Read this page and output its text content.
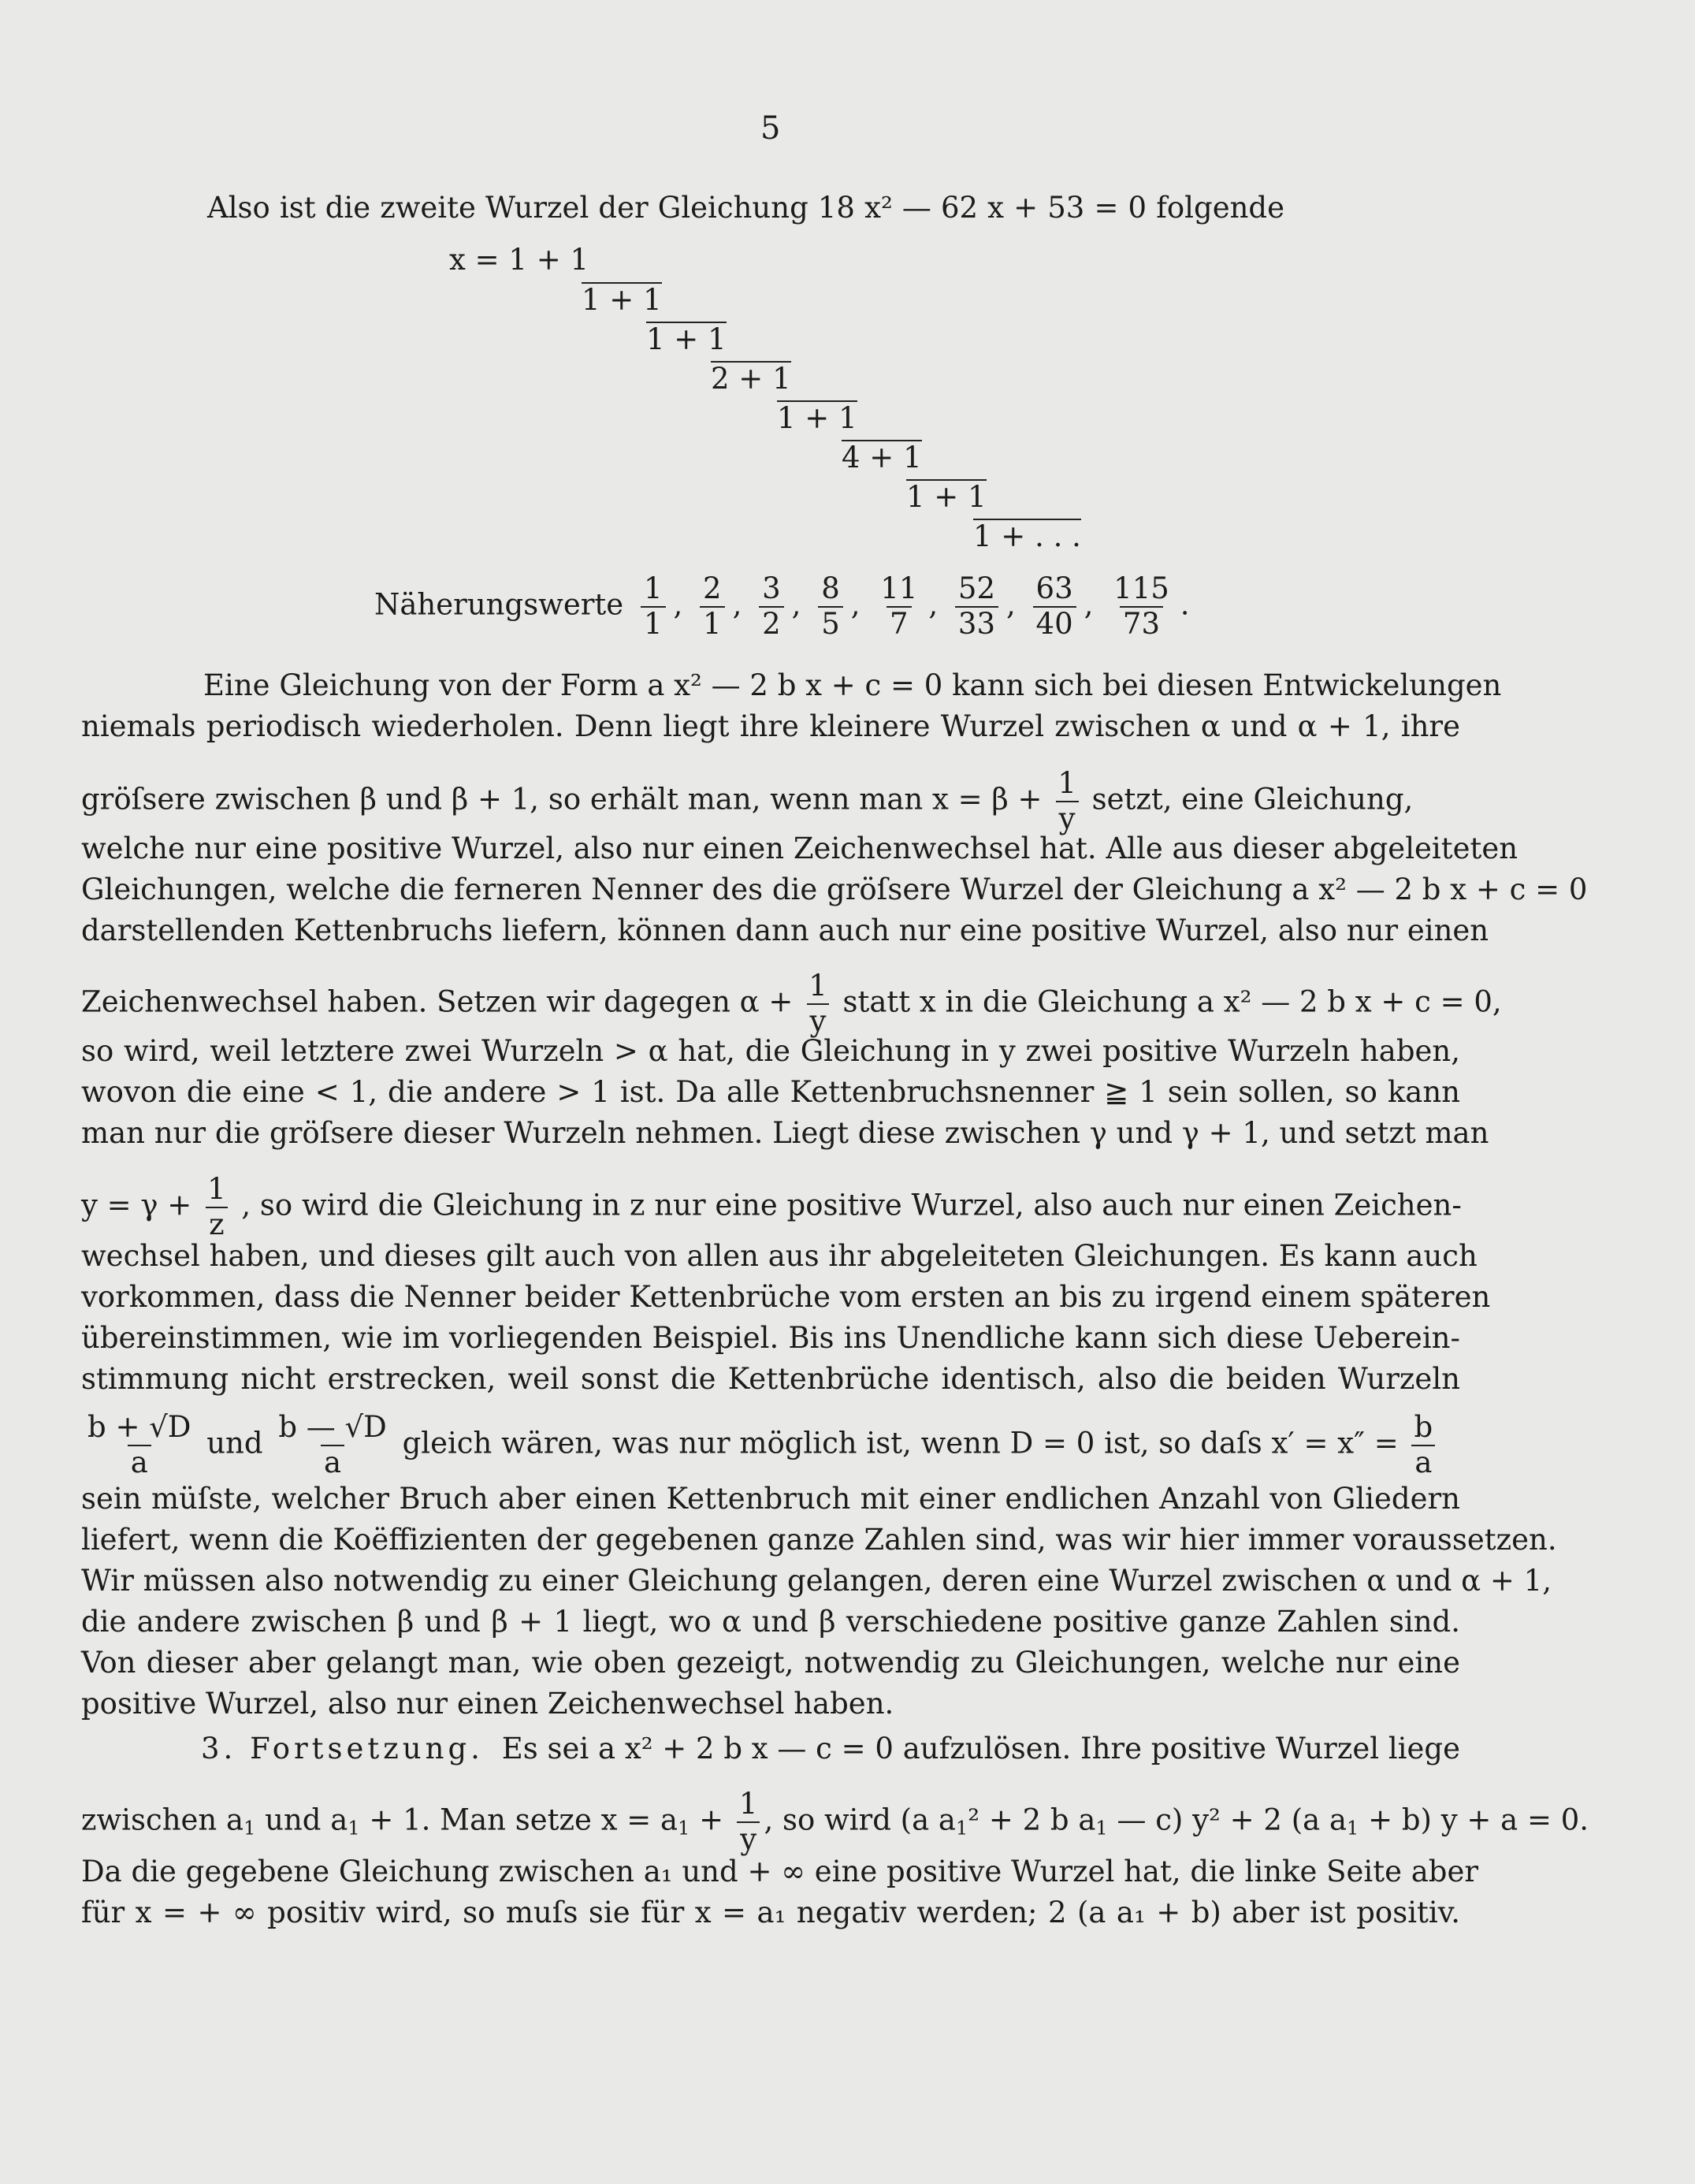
5
Also ist die zweite Wurzel der Gleichung 18 x² — 62 x + 53 = 0 folgende
x = 1 + 1
1 + 1
1 + 1
2 + 1
1 + 1
4 + 1
1 + 1
1 + . . .
Näherungswerte $\frac{1}{1}$ , $\frac{2}{1}$ , $\frac{3}{2}$ , $\frac{8}{5}$ , $\frac{11}{7}$ , $\frac{52}{33}$ , $\frac{63}{40}$ , $\frac{115}{73}$ .
Eine Gleichung von der Form a x² — 2 b x + c = 0 kann sich bei diesen Entwickelungen
niemals periodisch wiederholen. Denn liegt ihre kleinere Wurzel zwischen α und α + 1, ihre
gröſsere zwischen β und β + 1, so erhält man, wenn man $x = \beta + \frac{1}{y}$ setzt, eine Gleichung,
welche nur eine positive Wurzel, also nur einen Zeichenwechsel hat. Alle aus dieser abgeleiteten
Gleichungen, welche die ferneren Nenner des die gröſsere Wurzel der Gleichung a x² — 2 b x + c = 0
darstellenden Kettenbruchs liefern, können dann auch nur eine positive Wurzel, also nur einen
Zeichenwechsel haben. Setzen wir dagegen $\alpha + \frac{1}{y}$ statt x in die Gleichung a x² — 2 b x + c = 0,
so wird, weil letztere zwei Wurzeln > α hat, die Gleichung in y zwei positive Wurzeln haben,
wovon die eine < 1, die andere > 1 ist. Da alle Kettenbruchsnenner ≧ 1 sein sollen, so kann
man nur die gröſsere dieser Wurzeln nehmen. Liegt diese zwischen γ und γ + 1, und setzt man
$y = \gamma + \frac{1}{z}$ , so wird die Gleichung in z nur eine positive Wurzel, also auch nur einen Zeichen-
wechsel haben, und dieses gilt auch von allen aus ihr abgeleiteten Gleichungen. Es kann auch
vorkommen, dass die Nenner beider Kettenbrüche vom ersten an bis zu irgend einem späteren
übereinstimmen, wie im vorliegenden Beispiel. Bis ins Unendliche kann sich diese Ueberein-
stimmung nicht erstrecken, weil sonst die Kettenbrüche identisch, also die beiden Wurzeln
$\frac{b + √D}{a}$ und $\frac{b — √D}{a}$ gleich wären, was nur möglich ist, wenn D = 0 ist, so daſs $x' = x'' = \frac{b}{a}$
sein müſste, welcher Bruch aber einen Kettenbruch mit einer endlichen Anzahl von Gliedern
liefert, wenn die Koëffizienten der gegebenen ganze Zahlen sind, was wir hier immer voraussetzen.
Wir müssen also notwendig zu einer Gleichung gelangen, deren eine Wurzel zwischen α und α + 1,
die andere zwischen β und β + 1 liegt, wo α und β verschiedene positive ganze Zahlen sind.
Von dieser aber gelangt man, wie oben gezeigt, notwendig zu Gleichungen, welche nur eine
positive Wurzel, also nur einen Zeichenwechsel haben.
3. Fortsetzung. Es sei a x² + 2 b x — c = 0 aufzulösen. Ihre positive Wurzel liege
zwischen $a_1$ und $a_1 + 1$. Man setze $x = a_1 + \frac{1}{y}$ , so wird (a $a_1^2 + 2$ b $a_1$ — c) y² + 2 (a $a_1 + b$) y + a = 0.
Da die gegebene Gleichung zwischen a₁ und + ∞ eine positive Wurzel hat, die linke Seite aber
für x = + ∞ positiv wird, so muſs sie für x = a₁ negativ werden; 2 (a a₁ + b) aber ist positiv.
